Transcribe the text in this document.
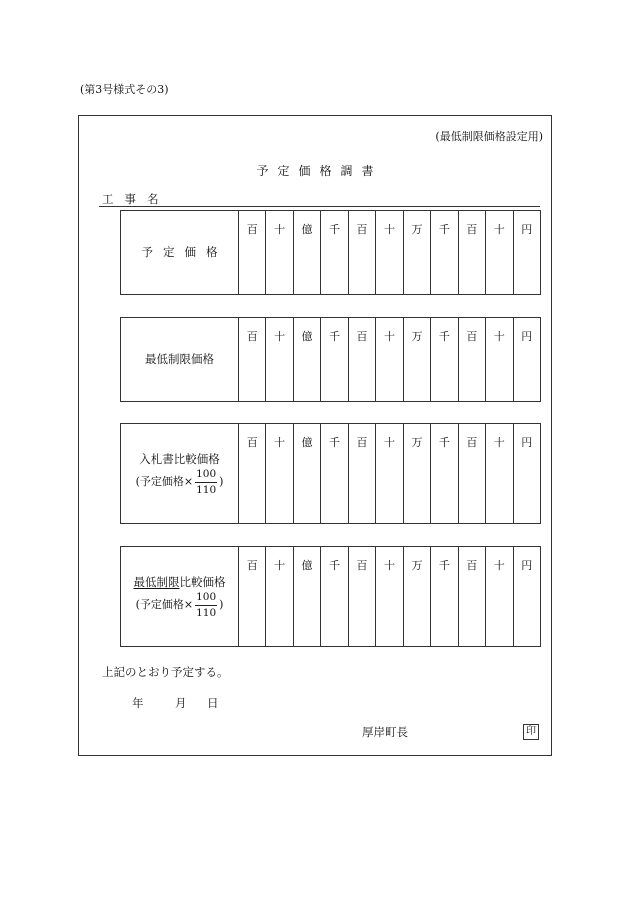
(第3号様式その3)
(最低制限価格設定用)
予定価格調書
工事名
予定価格	百	十	億	千	百	十	万	千	百	十	円
最低制限価格	百	十	億	千	百	十	万	千	百	十	円
入札書比較価格
(予定価格× $\frac{100}{110}$ )
	百	十	億	千	百	十	万	千	百	十	円
最低制限比較価格
(予定価格× $\frac{100}{110}$ )
	百	十	億	千	百	十	万	千	百	十	円
上記のとおり予定する。
年	月 日
厚岸町長	印
